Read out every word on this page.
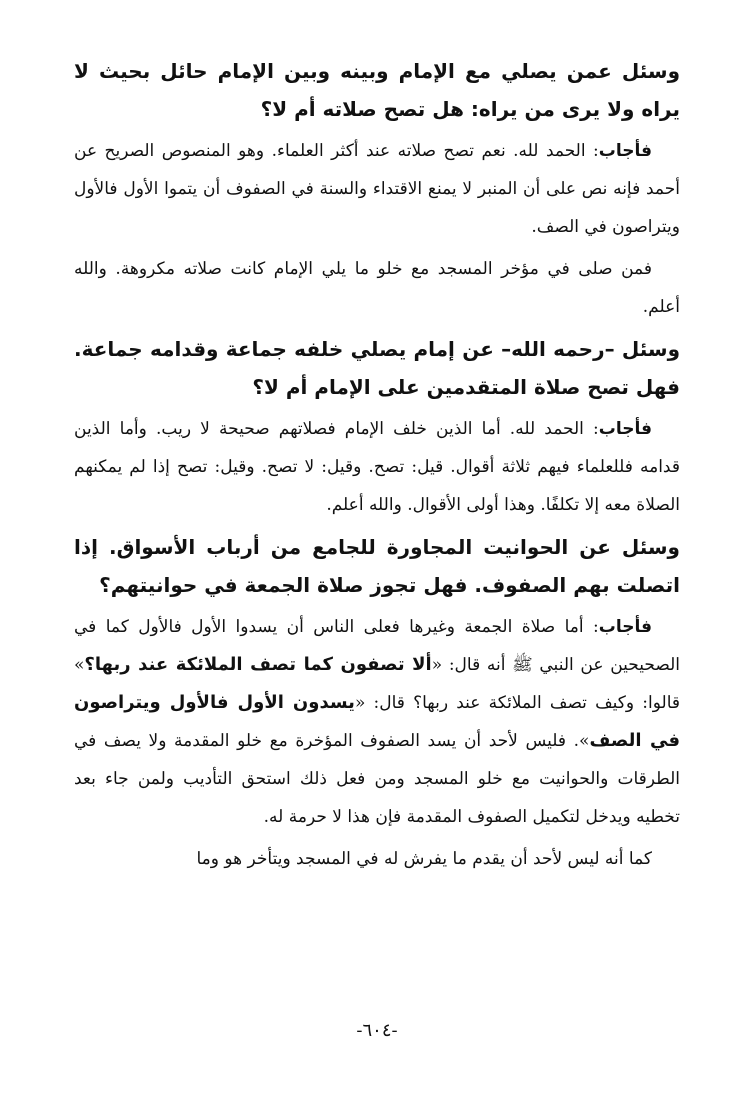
وسئل عمن يصلي مع الإمام وبينه وبين الإمام حائل بحيث لا يراه ولا يرى من يراه: هل تصح صلاته أم لا؟

فأجاب: الحمد لله. نعم تصح صلاته عند أكثر العلماء. وهو المنصوص الصريح عن أحمد فإنه نص على أن المنبر لا يمنع الاقتداء والسنة في الصفوف أن يتموا الأول فالأول ويتراصون في الصف.

فمن صلى في مؤخر المسجد مع خلو ما يلي الإمام كانت صلاته مكروهة. والله أعلم.

وسئل –رحمه الله– عن إمام يصلي خلفه جماعة وقدامه جماعة. فهل تصح صلاة المتقدمين على الإمام أم لا؟

فأجاب: الحمد لله. أما الذين خلف الإمام فصلاتهم صحيحة لا ريب. وأما الذين قدامه فللعلماء فيهم ثلاثة أقوال. قيل: تصح. وقيل: لا تصح. وقيل: تصح إذا لم يمكنهم الصلاة معه إلا تكلفًا. وهذا أولى الأقوال. والله أعلم.

وسئل عن الحوانيت المجاورة للجامع من أرباب الأسواق. إذا اتصلت بهم الصفوف. فهل تجوز صلاة الجمعة في حوانيتهم؟

فأجاب: أما صلاة الجمعة وغيرها فعلى الناس أن يسدوا الأول فالأول كما في الصحيحين عن النبي ﷺ أنه قال: «ألا تصفون كما تصف الملائكة عند ربها؟» قالوا: وكيف تصف الملائكة عند ربها؟ قال: «يسدون الأول فالأول ويتراصون في الصف». فليس لأحد أن يسد الصفوف المؤخرة مع خلو المقدمة ولا يصف في الطرقات والحوانيت مع خلو المسجد ومن فعل ذلك استحق التأديب ولمن جاء بعد تخطيه ويدخل لتكميل الصفوف المقدمة فإن هذا لا حرمة له.

كما أنه ليس لأحد أن يقدم ما يفرش له في المسجد ويتأخر هو وما

-٦٠٤-
